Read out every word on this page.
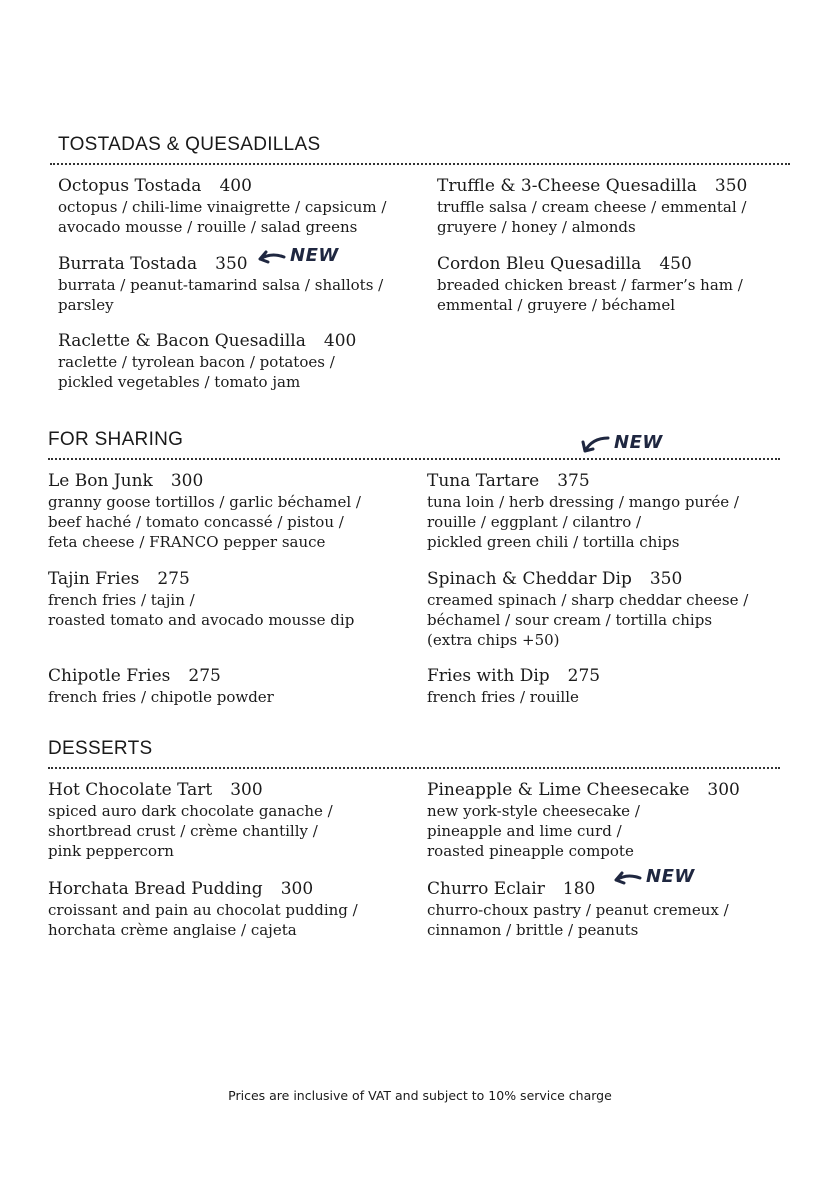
TOSTADAS & QUESADILLAS
Octopus Tostada 400
octopus / chili-lime vinaigrette / capsicum /
avocado mousse / rouille / salad greens
Truffle & 3-Cheese Quesadilla 350
truffle salsa / cream cheese / emmental /
gruyere / honey / almonds
Burrata Tostada 350
burrata / peanut-tamarind salsa / shallots /
parsley
NEW	Cordon Bleu Quesadilla 450
breaded chicken breast / farmer’s ham /
emmental / gruyere / béchamel
Raclette & Bacon Quesadilla 400
raclette / tyrolean bacon / potatoes /
pickled vegetables / tomato jam
FOR SHARING	NEW
Le Bon Junk 300
granny goose tortillos / garlic béchamel /
beef haché / tomato concassé / pistou /
feta cheese / FRANCO pepper sauce
Tuna Tartare 375
tuna loin / herb dressing / mango purée /
rouille / eggplant / cilantro /
pickled green chili / tortilla chips
Tajin Fries 275
french fries / tajin /
roasted tomato and avocado mousse dip
Spinach & Cheddar Dip 350
creamed spinach / sharp cheddar cheese /
béchamel / sour cream / tortilla chips
(extra chips +50)
Chipotle Fries 275
french fries / chipotle powder
Fries with Dip 275
french fries / rouille
DESSERTS
Hot Chocolate Tart 300
spiced auro dark chocolate ganache /
shortbread crust / crème chantilly /
pink peppercorn
Pineapple & Lime Cheesecake 300
new york-style cheesecake /
pineapple and lime curd /
roasted pineapple compote
Horchata Bread Pudding 300
croissant and pain au chocolat pudding /
horchata crème anglaise / cajeta
Churro Eclair 180
churro-choux pastry / peanut cremeux /
cinnamon / brittle / peanuts
NEW
Prices are inclusive of VAT and subject to 10% service charge
